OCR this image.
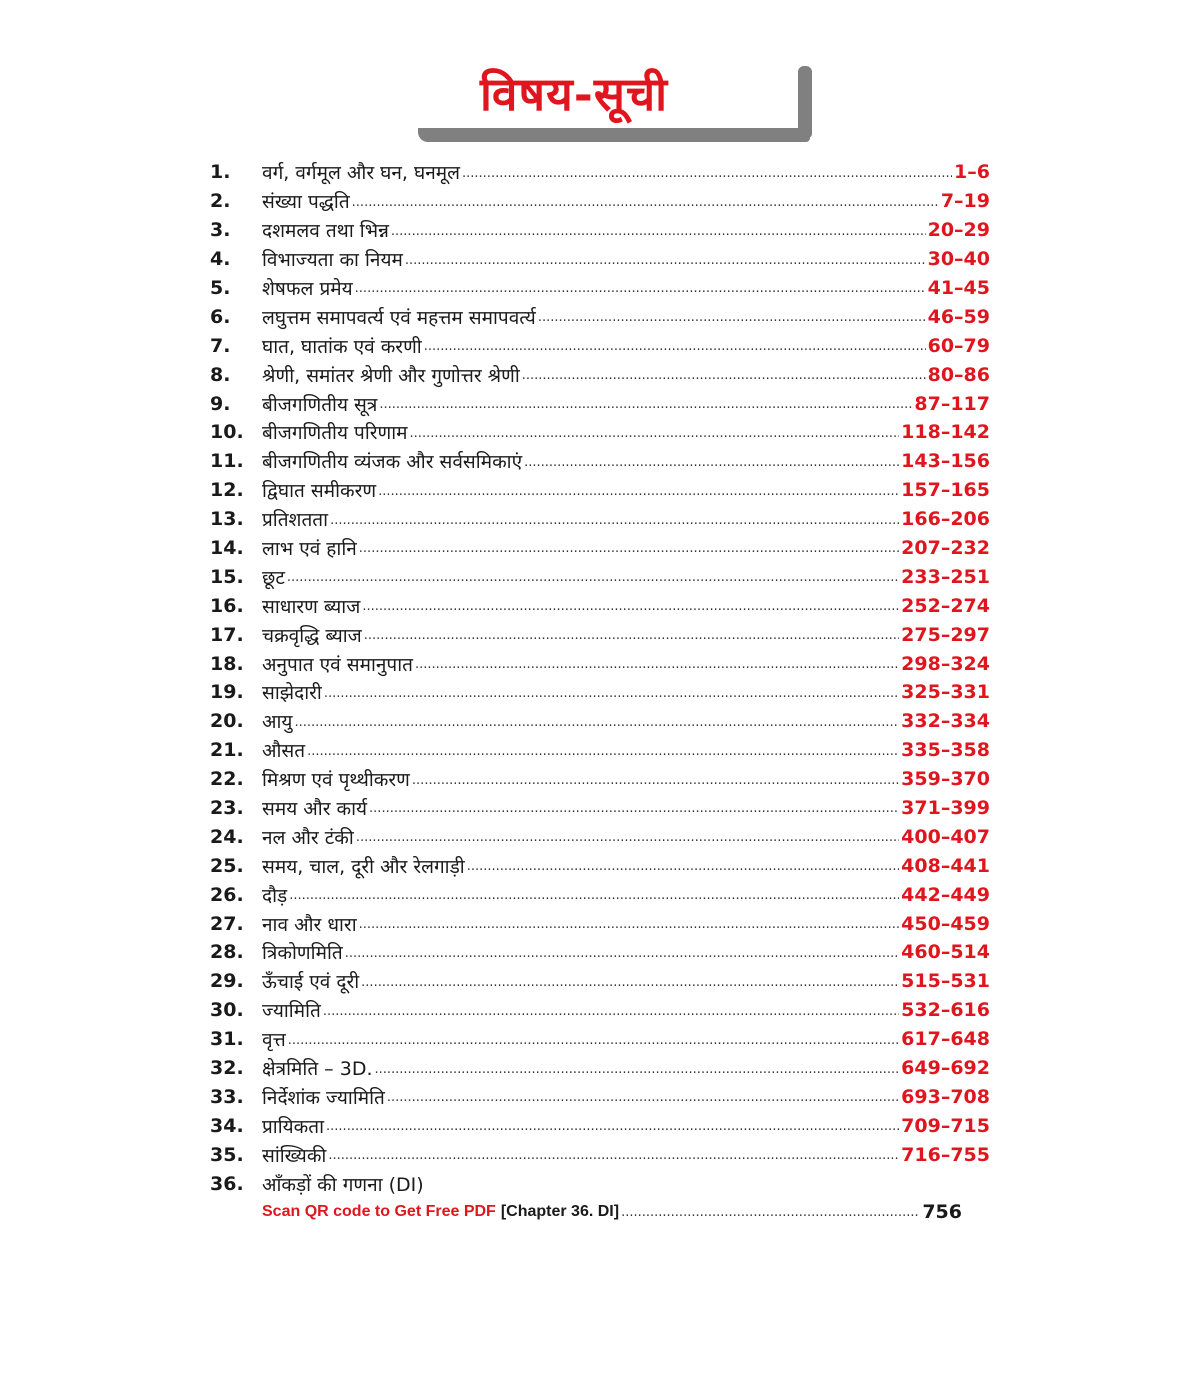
विषय-सूची
1.	वर्ग, वर्गमूल और घन, घनमूल .....	1–6
2.	संख्या पद्धति .....	7–19
3.	दशमलव तथा भिन्न .....	20–29
4.	विभाज्यता का नियम .....	30–40
5.	शेषफल प्रमेय .....	41–45
6.	लघुत्तम समापवर्त्य एवं महत्तम समापवर्त्य .....	46–59
7.	घात, घातांक एवं करणी .....	60–79
8.	श्रेणी, समांतर श्रेणी और गुणोत्तर श्रेणी .....	80–86
9.	बीजगणितीय सूत्र .....	87–117
10. बीजगणितीय परिणाम .....	118–142
11. बीजगणितीय व्यंजक और सर्वसमिकाएं .....	143–156
12. द्विघात समीकरण .....	157–165
13. प्रतिशतता .....	166–206
14. लाभ एवं हानि .....	207–232
15. छूट .....	233–251
16. साधारण ब्याज .....	252–274
17. चक्रवृद्धि ब्याज .....	275–297
18. अनुपात एवं समानुपात .....	298–324
19. साझेदारी .....	325–331
20. आयु .....	332–334
21. औसत .....	335–358
22. मिश्रण एवं पृथ्थीकरण .....	359–370
23. समय और कार्य .....	371–399
24. नल और टंकी .....	400–407
25. समय, चाल, दूरी और रेलगाड़ी .....	408–441
26. दौड़ .....	442–449
27. नाव और धारा .....	450–459
28. त्रिकोणमिति .....	460–514
29. ऊँचाई एवं दूरी .....	515–531
30. ज्यामिति .....	532–616
31. वृत्त .....	617–648
32. क्षेत्रमिति – 3D. .....	649–692
33. निर्देशांक ज्यामिति .....	693–708
34. प्रायिकता .....	709–715
35. सांख्यिकी .....	716–755
36. आँकड़ों की गणना (DI)
Scan QR code to Get Free PDF [Chapter 36. DI] .....	756
